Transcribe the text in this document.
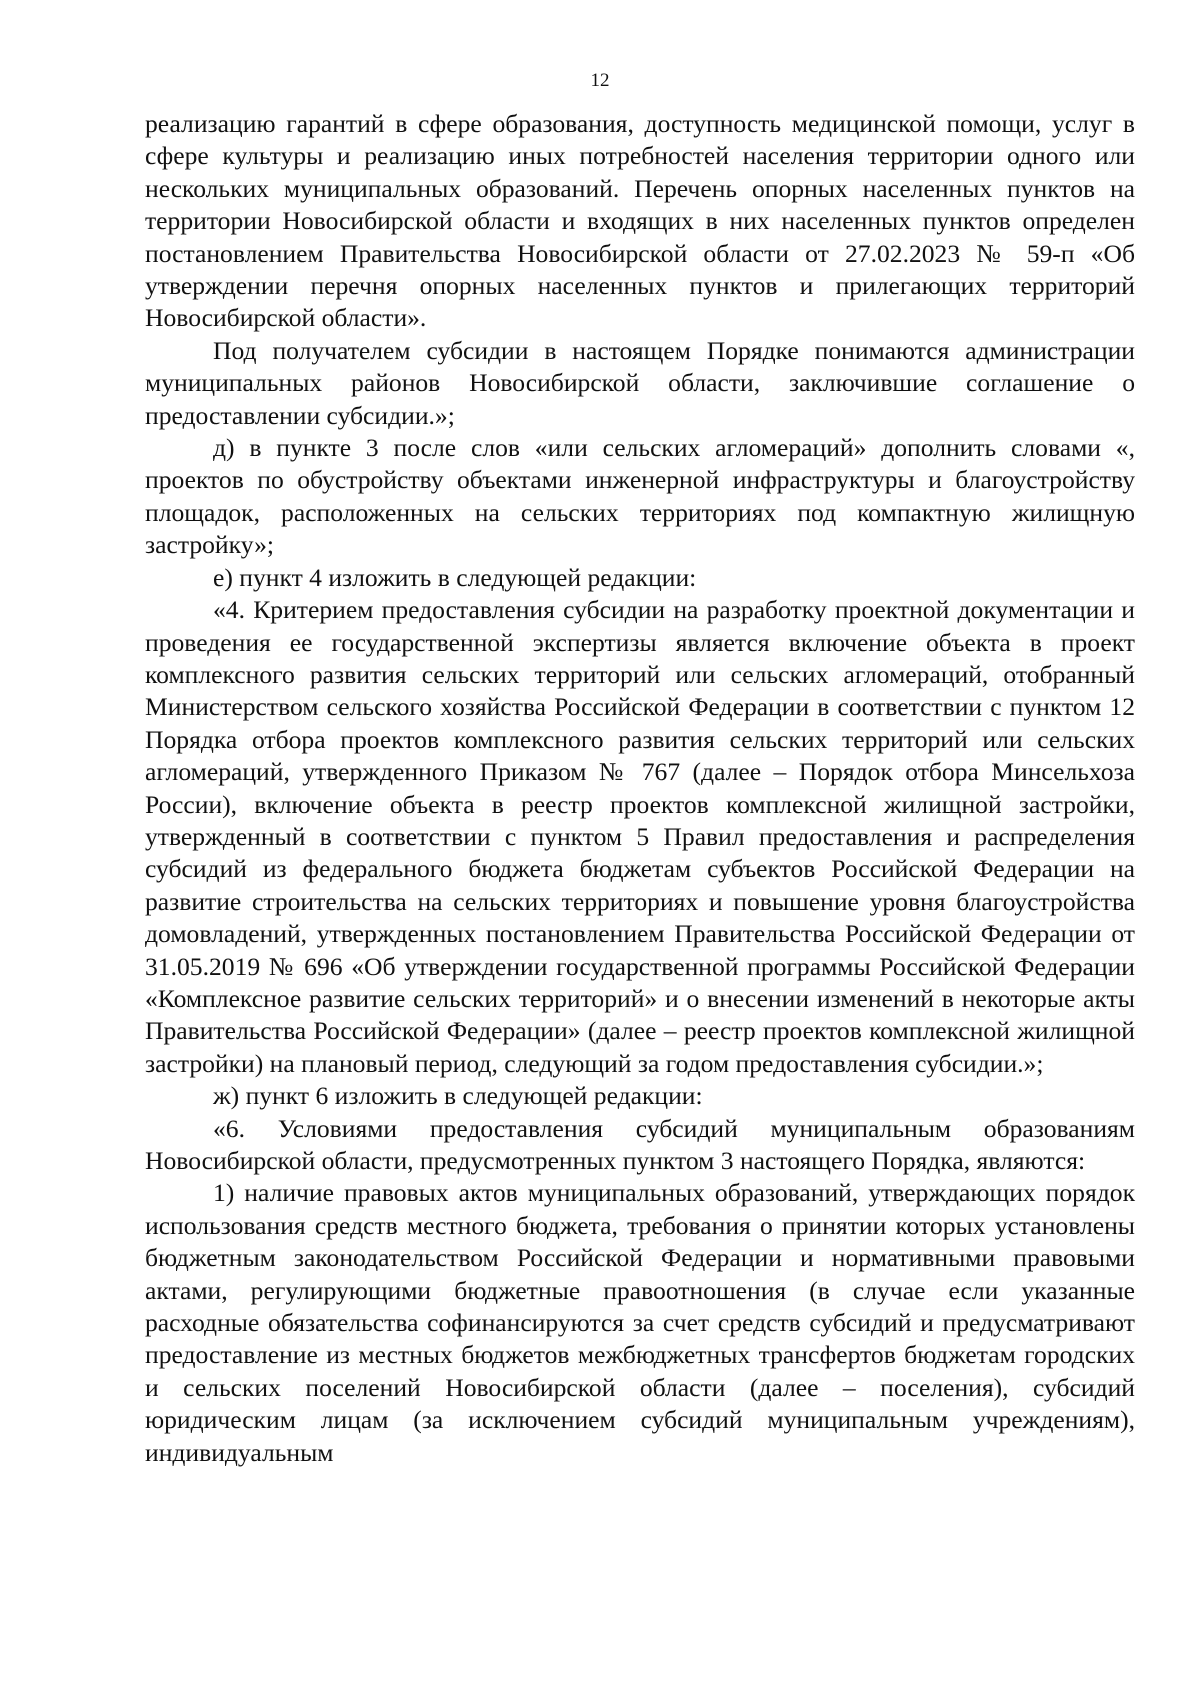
12

реализацию гарантий в сфере образования, доступность медицинской помощи, услуг в сфере культуры и реализацию иных потребностей населения территории одного или нескольких муниципальных образований. Перечень опорных населенных пунктов на территории Новосибирской области и входящих в них населенных пунктов определен постановлением Правительства Новосибирской области от 27.02.2023 № 59-п «Об утверждении перечня опорных населенных пунктов и прилегающих территорий Новосибирской области».

Под получателем субсидии в настоящем Порядке понимаются администрации муниципальных районов Новосибирской области, заключившие соглашение о предоставлении субсидии.»;

д) в пункте 3 после слов «или сельских агломераций» дополнить словами «, проектов по обустройству объектами инженерной инфраструктуры и благоустройству площадок, расположенных на сельских территориях под компактную жилищную застройку»;

е) пункт 4 изложить в следующей редакции:

«4. Критерием предоставления субсидии на разработку проектной документации и проведения ее государственной экспертизы является включение объекта в проект комплексного развития сельских территорий или сельских агломераций, отобранный Министерством сельского хозяйства Российской Федерации в соответствии с пунктом 12 Порядка отбора проектов комплексного развития сельских территорий или сельских агломераций, утвержденного Приказом № 767 (далее – Порядок отбора Минсельхоза России), включение объекта в реестр проектов комплексной жилищной застройки, утвержденный в соответствии с пунктом 5 Правил предоставления и распределения субсидий из федерального бюджета бюджетам субъектов Российской Федерации на развитие строительства на сельских территориях и повышение уровня благоустройства домовладений, утвержденных постановлением Правительства Российской Федерации от 31.05.2019 № 696 «Об утверждении государственной программы Российской Федерации «Комплексное развитие сельских территорий» и о внесении изменений в некоторые акты Правительства Российской Федерации» (далее – реестр проектов комплексной жилищной застройки) на плановый период, следующий за годом предоставления субсидии.»;

ж) пункт 6 изложить в следующей редакции:

«6. Условиями предоставления субсидий муниципальным образованиям Новосибирской области, предусмотренных пунктом 3 настоящего Порядка, являются:

1) наличие правовых актов муниципальных образований, утверждающих порядок использования средств местного бюджета, требования о принятии которых установлены бюджетным законодательством Российской Федерации и нормативными правовыми актами, регулирующими бюджетные правоотношения (в случае если указанные расходные обязательства софинансируются за счет средств субсидий и предусматривают предоставление из местных бюджетов межбюджетных трансфертов бюджетам городских и сельских поселений Новосибирской области (далее – поселения), субсидий юридическим лицам (за исключением субсидий муниципальным учреждениям), индивидуальным
